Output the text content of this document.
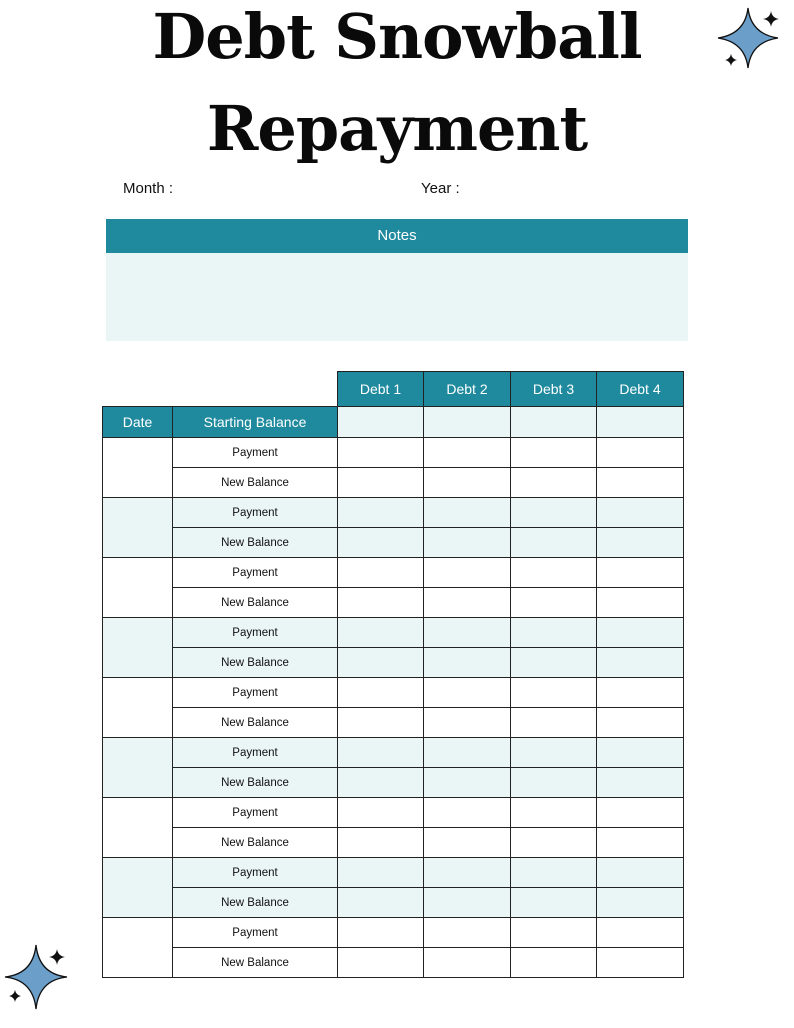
Debt Snowball
Repayment
Month :	Year :
Notes
Debt 1	Debt 2	Debt 3	Debt 4
Date	Starting Balance
Payment
New Balance
Payment
New Balance
Payment
New Balance
Payment
New Balance
Payment
New Balance
Payment
New Balance
Payment
New Balance
Payment
New Balance
Payment
New Balance
